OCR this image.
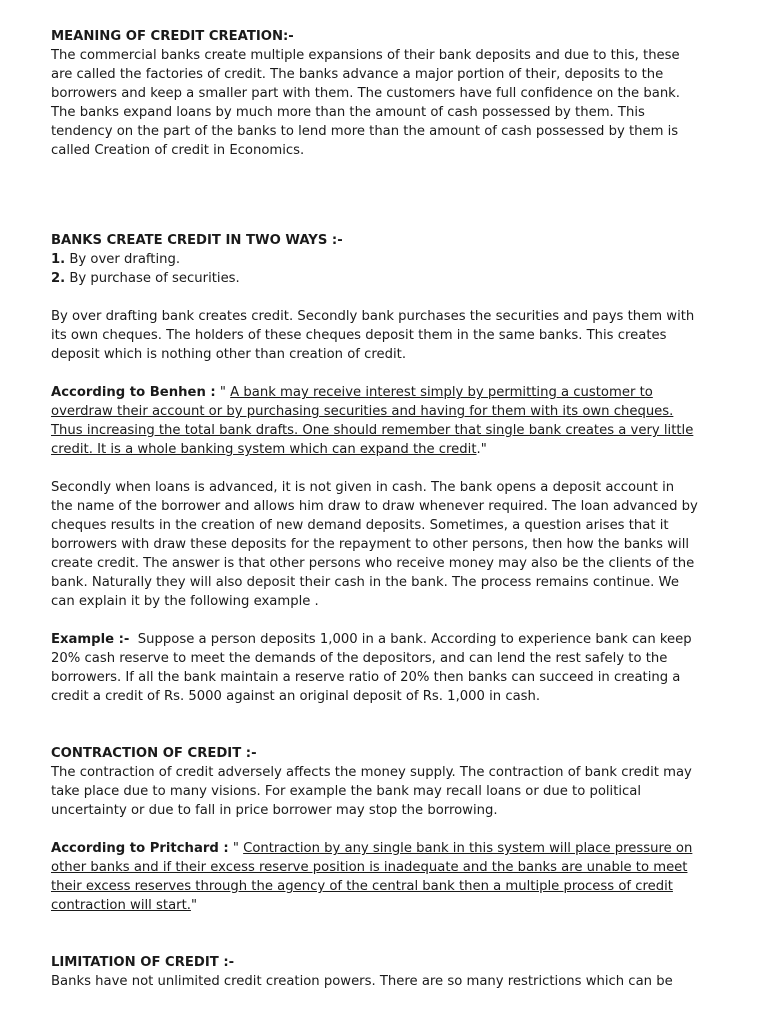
MEANING OF CREDIT CREATION:-

The commercial banks create multiple expansions of their bank deposits and due to this, these
are called the factories of credit. The banks advance a major portion of their, deposits to the
borrowers and keep a smaller part with them. The customers have full confidence on the bank.
The banks expand loans by much more than the amount of cash possessed by them. This
tendency on the part of the banks to lend more than the amount of cash possessed by them is
called Creation of credit in Economics.

BANKS CREATE CREDIT IN TWO WAYS :-

1. By over drafting.
2. By purchase of securities.
By over drafting bank creates credit. Secondly bank purchases the securities and pays them with
its own cheques. The holders of these cheques deposit them in the same banks. This creates
deposit which is nothing other than creation of credit.
According to Benhen : " A bank may receive interest simply by permitting a customer to
overdraw their account or by purchasing securities and having for them with its own cheques.
Thus increasing the total bank drafts. One should remember that single bank creates a very little
credit. It is a whole banking system which can expand the credit."
Secondly when loans is advanced, it is not given in cash. The bank opens a deposit account in
the name of the borrower and allows him draw to draw whenever required. The loan advanced by
cheques results in the creation of new demand deposits. Sometimes, a question arises that it
borrowers with draw these deposits for the repayment to other persons, then how the banks will
create credit. The answer is that other persons who receive money may also be the clients of the
bank. Naturally they will also deposit their cash in the bank. The process remains continue. We
can explain it by the following example .
Example :-  Suppose a person deposits 1,000 in a bank. According to experience bank can keep
20% cash reserve to meet the demands of the depositors, and can lend the rest safely to the
borrowers. If all the bank maintain a reserve ratio of 20% then banks can succeed in creating a
credit a credit of Rs. 5000 against an original deposit of Rs. 1,000 in cash.

CONTRACTION OF CREDIT :-

The contraction of credit adversely affects the money supply. The contraction of bank credit may
take place due to many visions. For example the bank may recall loans or due to political
uncertainty or due to fall in price borrower may stop the borrowing.
According to Pritchard : " Contraction by any single bank in this system will place pressure on
other banks and if their excess reserve position is inadequate and the banks are unable to meet
their excess reserves through the agency of the central bank then a multiple process of credit
contraction will start."

LIMITATION OF CREDIT :-

Banks have not unlimited credit creation powers. There are so many restrictions which can be
